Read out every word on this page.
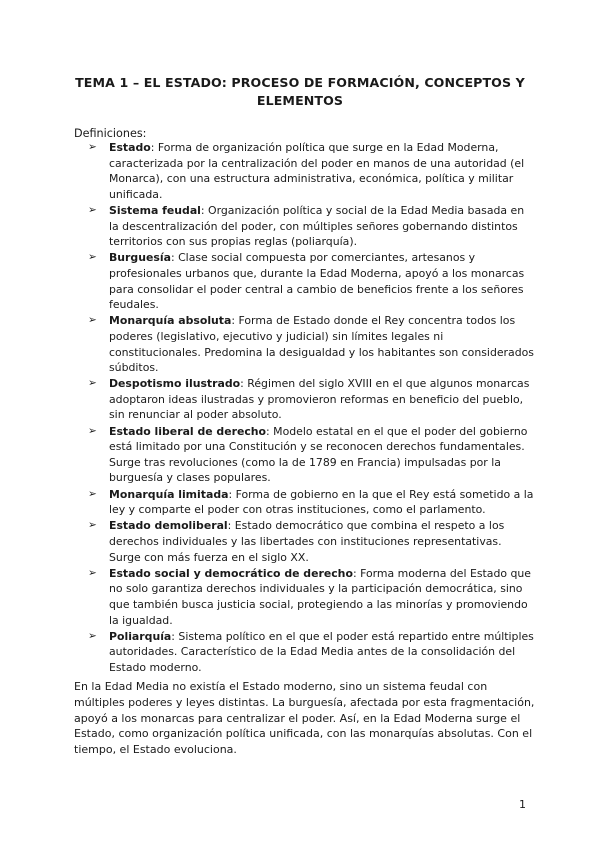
TEMA 1 – EL ESTADO: PROCESO DE FORMACIÓN, CONCEPTOS Y ELEMENTOS
Definiciones:
➢ Estado: Forma de organización política que surge en la Edad Moderna, caracterizada por la centralización del poder en manos de una autoridad (el Monarca), con una estructura administrativa, económica, política y militar unificada.
➢ Sistema feudal: Organización política y social de la Edad Media basada en la descentralización del poder, con múltiples señores gobernando distintos territorios con sus propias reglas (poliarquía).
➢ Burguesía: Clase social compuesta por comerciantes, artesanos y profesionales urbanos que, durante la Edad Moderna, apoyó a los monarcas para consolidar el poder central a cambio de beneficios frente a los señores feudales.
➢ Monarquía absoluta: Forma de Estado donde el Rey concentra todos los poderes (legislativo, ejecutivo y judicial) sin límites legales ni constitucionales. Predomina la desigualdad y los habitantes son considerados súbditos.
➢ Despotismo ilustrado: Régimen del siglo XVIII en el que algunos monarcas adoptaron ideas ilustradas y promovieron reformas en beneficio del pueblo, sin renunciar al poder absoluto.
➢ Estado liberal de derecho: Modelo estatal en el que el poder del gobierno está limitado por una Constitución y se reconocen derechos fundamentales. Surge tras revoluciones (como la de 1789 en Francia) impulsadas por la burguesía y clases populares.
➢ Monarquía limitada: Forma de gobierno en la que el Rey está sometido a la ley y comparte el poder con otras instituciones, como el parlamento.
➢ Estado demoliberal: Estado democrático que combina el respeto a los derechos individuales y las libertades con instituciones representativas. Surge con más fuerza en el siglo XX.
➢ Estado social y democrático de derecho: Forma moderna del Estado que no solo garantiza derechos individuales y la participación democrática, sino que también busca justicia social, protegiendo a las minorías y promoviendo la igualdad.
➢ Poliarquía: Sistema político en el que el poder está repartido entre múltiples autoridades. Característico de la Edad Media antes de la consolidación del Estado moderno.

En la Edad Media no existía el Estado moderno, sino un sistema feudal con múltiples poderes y leyes distintas. La burguesía, afectada por esta fragmentación, apoyó a los monarcas para centralizar el poder. Así, en la Edad Moderna surge el Estado, como organización política unificada, con las monarquías absolutas. Con el tiempo, el Estado evoluciona.

1
